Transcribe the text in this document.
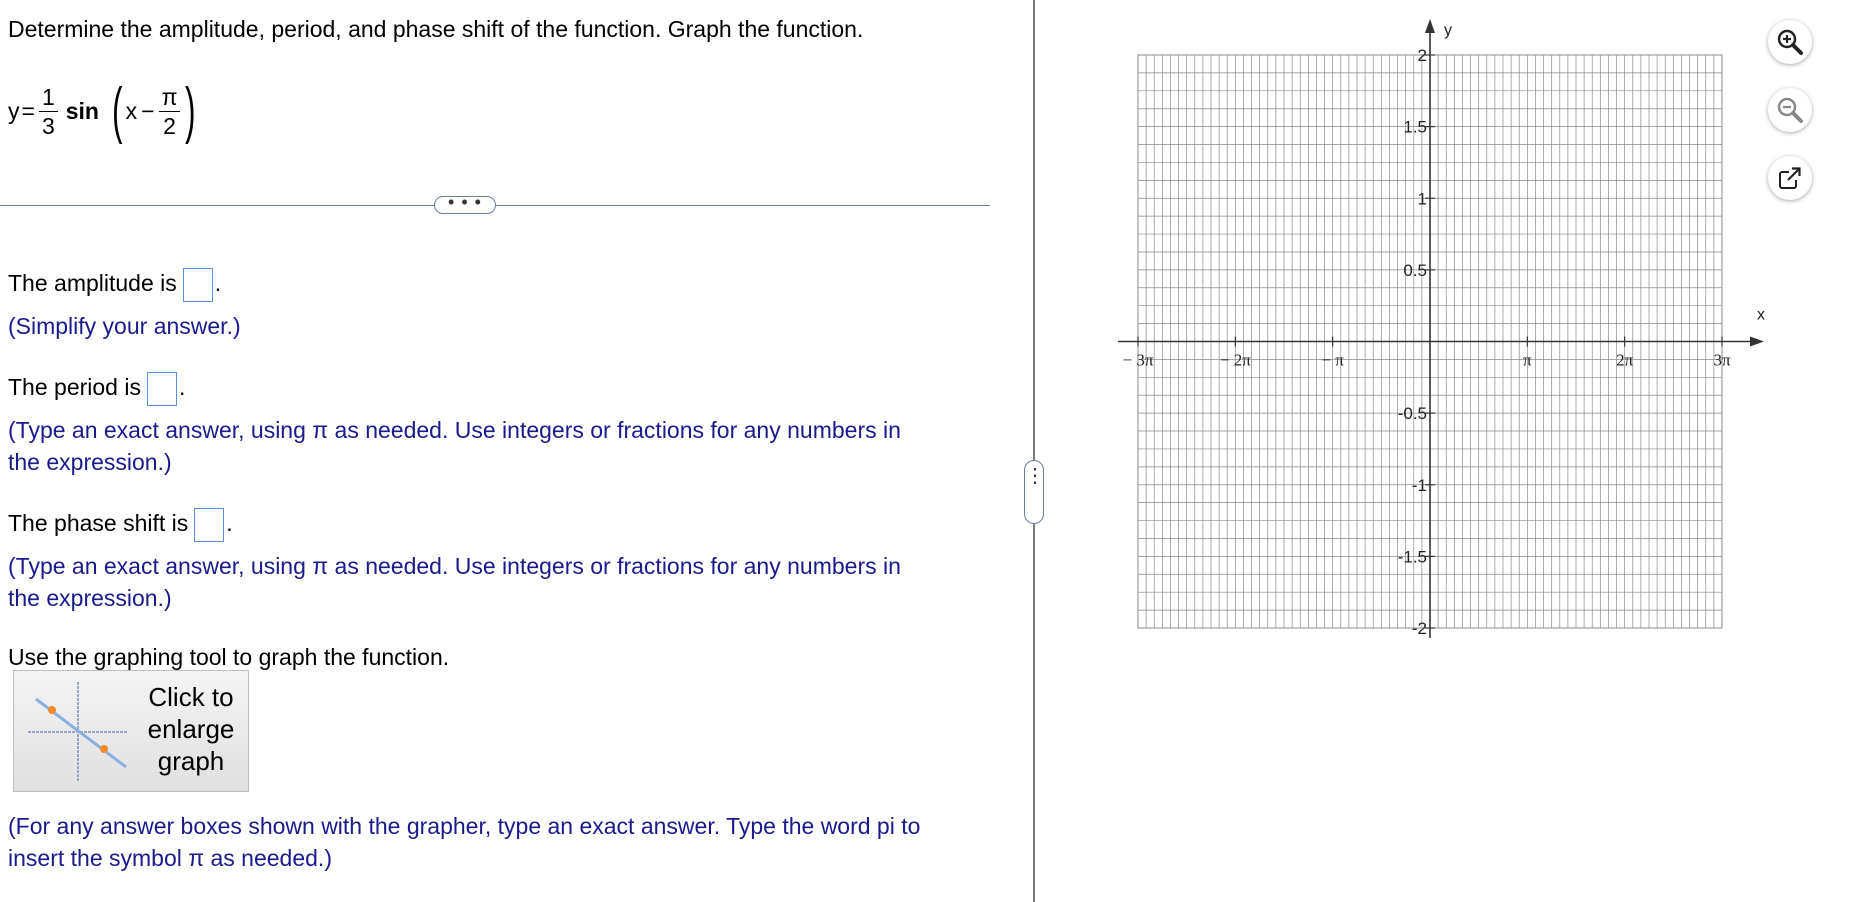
Determine the amplitude, period, and phase shift of the function. Graph the function.
$y = \frac{1}{3}$ sin ( $x - \frac{\pi}{2}$ )
• • •
The amplitude is .
(Simplify your answer.)
The period is .
(Type an exact answer, using π as needed. Use integers or fractions for any numbers in the expression.)
The phase shift is .
(Type an exact answer, using π as needed. Use integers or fractions for any numbers in the expression.)
Use the graphing tool to graph the function.
Click to
enlarge
graph
(For any answer boxes shown with the grapher, type an exact answer. Type the word pi to insert the symbol π as needed.)
⋮
x
y
− 3π	− 2π	− π	π	2π	3π
2
1.5
1
0.5
-0.5
-1
-1.5
-2
